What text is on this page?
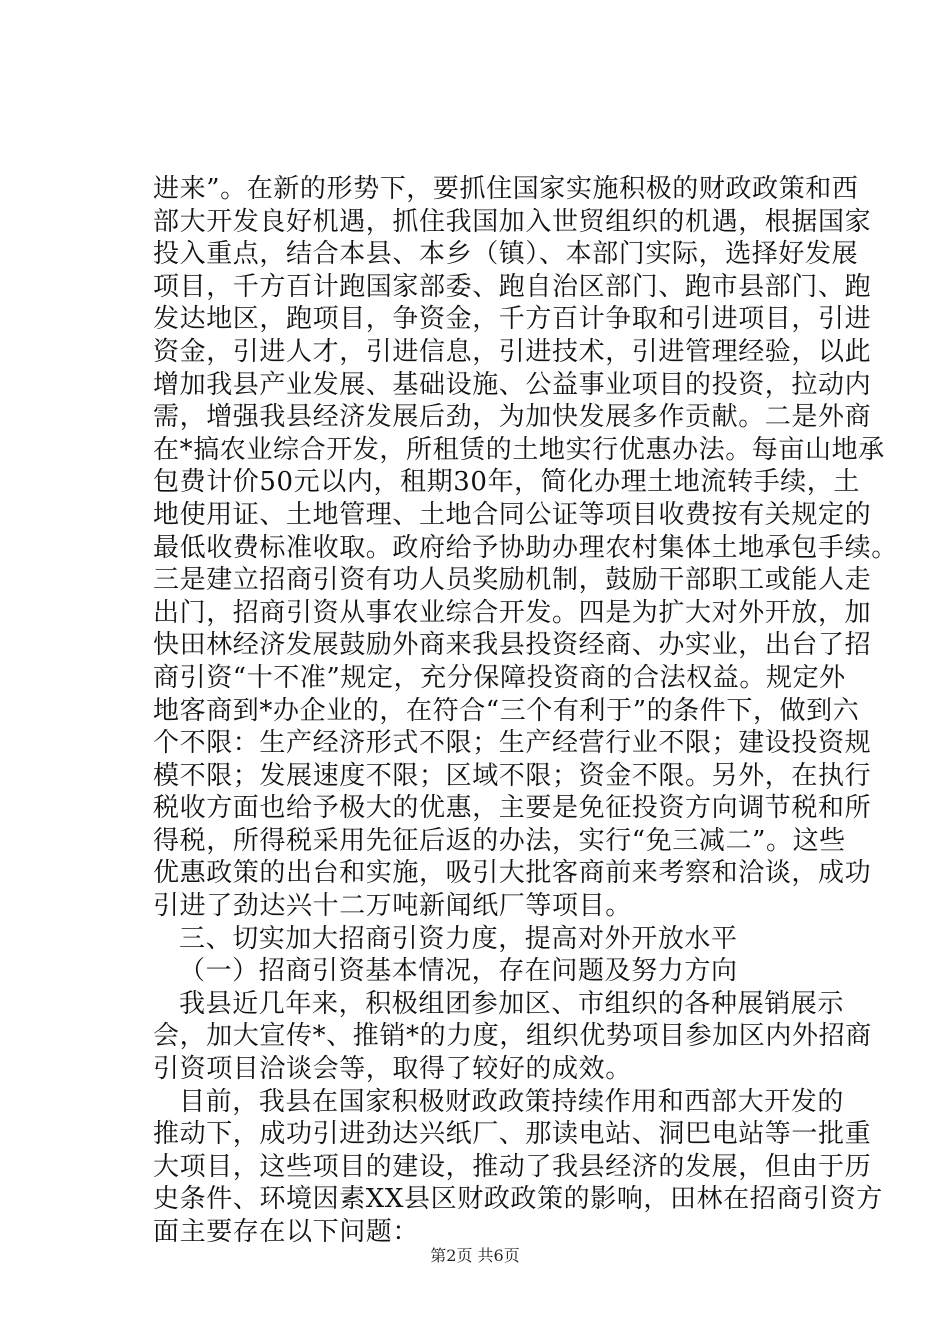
进来”。在新的形势下，要抓住国家实施积极的财政政策和西
部大开发良好机遇，抓住我国加入世贸组织的机遇，根据国家
投入重点，结合本县、本乡（镇）、本部门实际，选择好发展
项目，千方百计跑国家部委、跑自治区部门、跑市县部门、跑
发达地区，跑项目，争资金，千方百计争取和引进项目，引进
资金，引进人才，引进信息，引进技术，引进管理经验，以此
增加我县产业发展、基础设施、公益事业项目的投资，拉动内
需，增强我县经济发展后劲，为加快发展多作贡献。二是外商
在*搞农业综合开发，所租赁的土地实行优惠办法。每亩山地承
包费计价50元以内，租期30年，简化办理土地流转手续，土
地使用证、土地管理、土地合同公证等项目收费按有关规定的
最低收费标准收取。政府给予协助办理农村集体土地承包手续。
三是建立招商引资有功人员奖励机制，鼓励干部职工或能人走
出门，招商引资从事农业综合开发。四是为扩大对外开放，加
快田林经济发展鼓励外商来我县投资经商、办实业，出台了招
商引资“十不准”规定，充分保障投资商的合法权益。规定外
地客商到*办企业的，在符合“三个有利于”的条件下，做到六
个不限：生产经济形式不限；生产经营行业不限；建设投资规
模不限；发展速度不限；区域不限；资金不限。另外，在执行
税收方面也给予极大的优惠，主要是免征投资方向调节税和所
得税，所得税采用先征后返的办法，实行“免三减二”。这些
优惠政策的出台和实施，吸引大批客商前来考察和洽谈，成功
引进了劲达兴十二万吨新闻纸厂等项目。
三、切实加大招商引资力度，提高对外开放水平
（一）招商引资基本情况，存在问题及努力方向
我县近几年来，积极组团参加区、市组织的各种展销展示
会，加大宣传*、推销*的力度，组织优势项目参加区内外招商
引资项目洽谈会等，取得了较好的成效。
目前，我县在国家积极财政政策持续作用和西部大开发的
推动下，成功引进劲达兴纸厂、那读电站、洞巴电站等一批重
大项目，这些项目的建设，推动了我县经济的发展，但由于历
史条件、环境因素XX县区财政政策的影响，田林在招商引资方
面主要存在以下问题：
第2页 共6页
